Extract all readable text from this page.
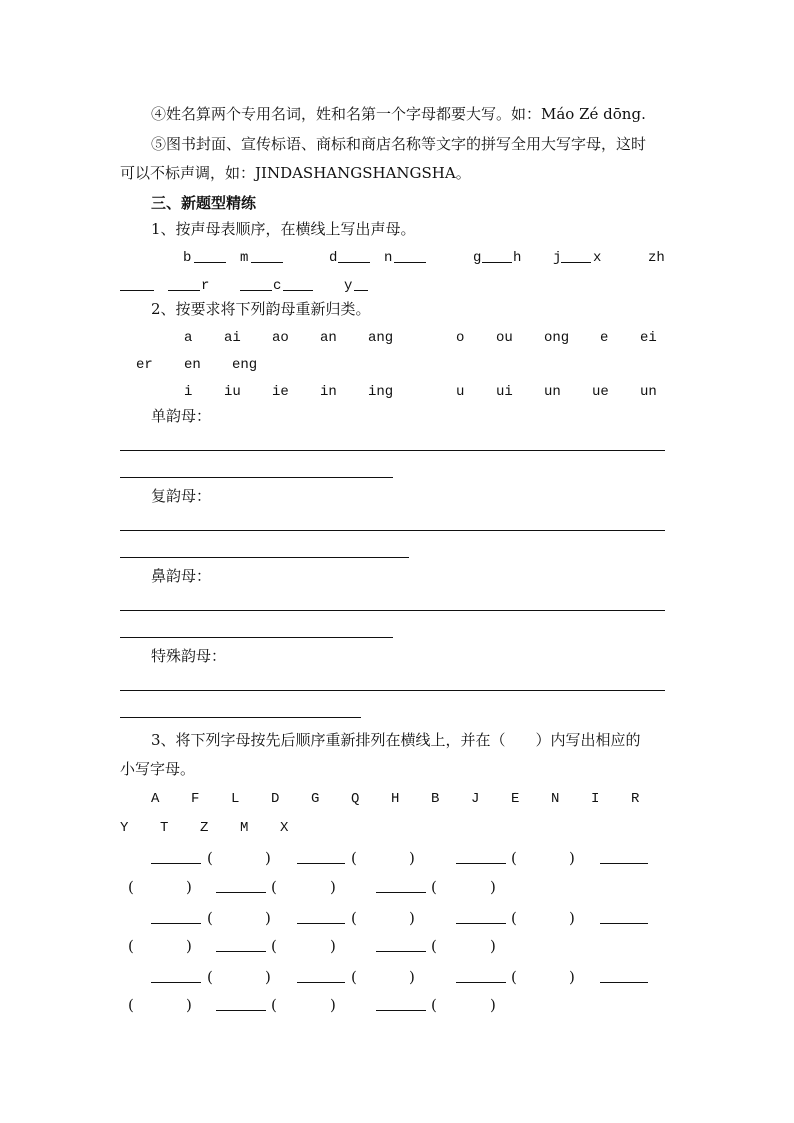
④姓名算两个专用名词，姓和名第一个字母都要大写。如：Máo Zé dōng.
⑤图书封面、宣传标语、商标和商店名称等文字的拼写全用大写字母，这时
可以不标声调，如：JINDASHANGSHANGSHA。
三、新题型精练
1、按声母表顺序，在横线上写出声母。
b	m	d	n	g h j x	zh
r	c	y
2、按要求将下列韵母重新归类。
a ai ao an ang	o ou ong e ei
er en eng
i iu ie in ing	u ui un ue un
单韵母：
复韵母：
鼻韵母：
特殊韵母：
3、将下列字母按先后顺序重新排列在横线上，并在（　　）内写出相应的
小写字母。
A F L D G Q H B J E N I R
Y T Z M X
(	)	(	)	(	)
(	)	(	)	(	)
(	)	(	)	(	)
(	)	(	)	(	)
(	)	(	)	(	)
(	)	(	)	(	)
